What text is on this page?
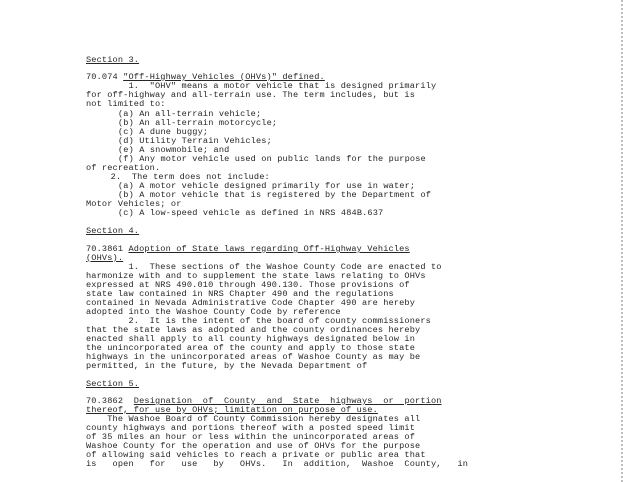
Section 3.

70.074 "Off-Highway Vehicles (OHVs)" defined.

1.  "OHV" means a motor vehicle that is designed primarily

for off-highway and all-terrain use. The term includes, but is

not limited to:

(a) An all-terrain vehicle;

(b) An all-terrain motorcycle;

(c) A dune buggy;

(d) Utility Terrain Vehicles;

(e) A snowmobile; and

(f) Any motor vehicle used on public lands for the purpose

of recreation.

2.  The term does not include:

(a) A motor vehicle designed primarily for use in water;

(b) A motor vehicle that is registered by the Department of

Motor Vehicles; or

(c) A low-speed vehicle as defined in NRS 484B.637

Section 4.

70.3861 Adoption of State laws regarding Off-Highway Vehicles

(OHVs).

1.  These sections of the Washoe County Code are enacted to

harmonize with and to supplement the state laws relating to OHVs

expressed at NRS 490.010 through 490.130. Those provisions of

state law contained in NRS Chapter 490 and the regulations

contained in Nevada Administrative Code Chapter 490 are hereby

adopted into the Washoe County Code by reference

2.  It is the intent of the board of county commissioners

that the state laws as adopted and the county ordinances hereby

enacted shall apply to all county highways designated below in

the unincorporated area of the county and apply to those state

highways in the unincorporated areas of Washoe County as may be

permitted, in the future, by the Nevada Department of

Section 5.

70.3862 Designation  of  County  and  State  highways  or  portion

thereof, for use by OHVs; limitation on purpose of use.

The Washoe Board of County Commission hereby designates all

county highways and portions thereof with a posted speed limit

of 35 miles an hour or less within the unincorporated areas of

Washoe County for the operation and use of OHVs for the purpose

of allowing said vehicles to reach a private or public area that

is   open   for   use   by   OHVs.   In  addition,  Washoe  County,   in
